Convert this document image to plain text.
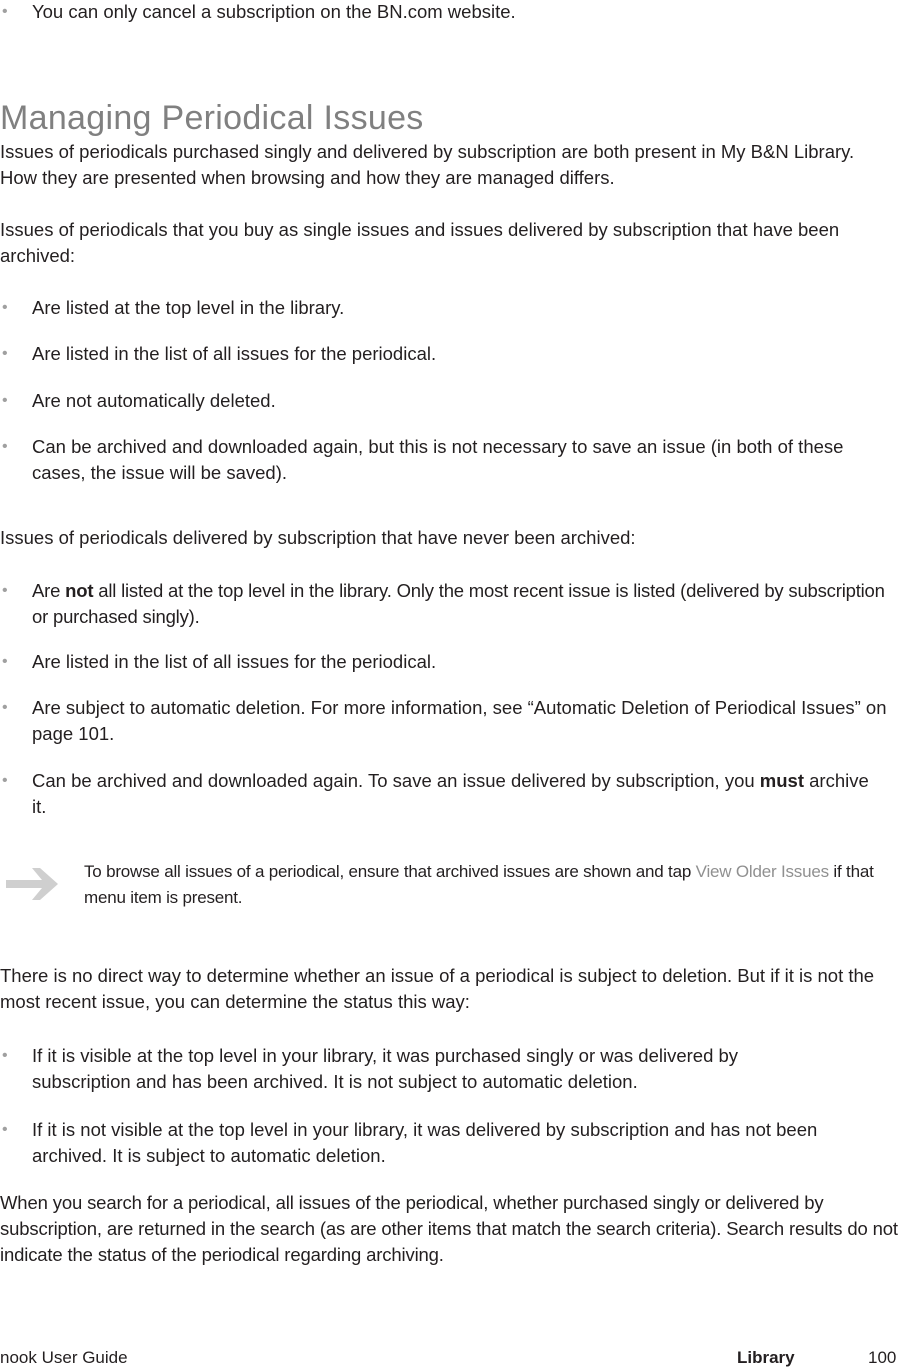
• You can only cancel a subscription on the BN.com website.
Managing Periodical Issues
Issues of periodicals purchased singly and delivered by subscription are both present in My B&N Library. How they are presented when browsing and how they are managed differs.
Issues of periodicals that you buy as single issues and issues delivered by subscription that have been archived:
• Are listed at the top level in the library.
• Are listed in the list of all issues for the periodical.
• Are not automatically deleted.
• Can be archived and downloaded again, but this is not necessary to save an issue (in both of these cases, the issue will be saved).
Issues of periodicals delivered by subscription that have never been archived:
• Are not all listed at the top level in the library. Only the most recent issue is listed (delivered by subscription or purchased singly).
• Are listed in the list of all issues for the periodical.
• Are subject to automatic deletion. For more information, see “Automatic Deletion of Periodical Issues” on page 101.
• Can be archived and downloaded again. To save an issue delivered by subscription, you must archive it.
To browse all issues of a periodical, ensure that archived issues are shown and tap View Older Issues if that menu item is present.
There is no direct way to determine whether an issue of a periodical is subject to deletion. But if it is not the most recent issue, you can determine the status this way:
• If it is visible at the top level in your library, it was purchased singly or was delivered by subscription and has been archived. It is not subject to automatic deletion.
• If it is not visible at the top level in your library, it was delivered by subscription and has not been archived. It is subject to automatic deletion.
When you search for a periodical, all issues of the periodical, whether purchased singly or delivered by subscription, are returned in the search (as are other items that match the search criteria). Search results do not indicate the status of the periodical regarding archiving.
nook User Guide	Library	100
